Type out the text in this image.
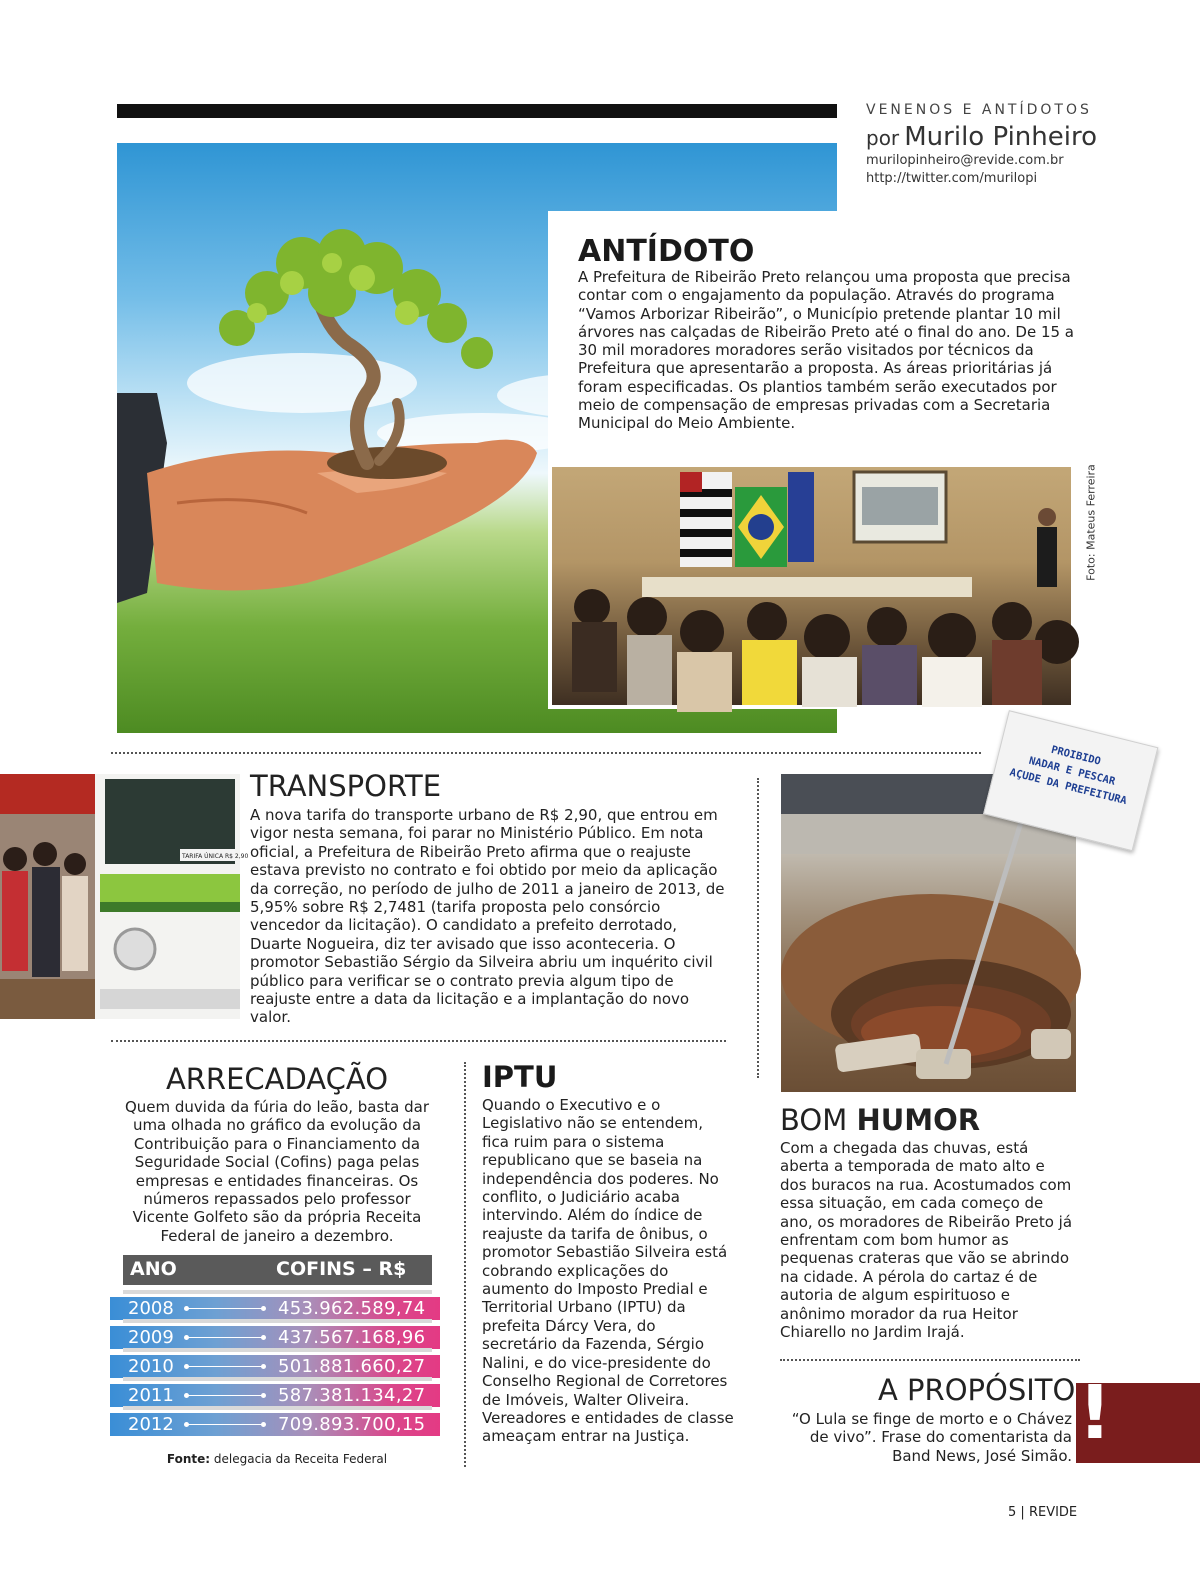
VENENOS E ANTÍDOTOS
por Murilo Pinheiro
murilopinheiro@revide.com.br
http://twitter.com/murilopi
ANTÍDOTO
A Prefeitura de Ribeirão Preto relançou uma proposta que precisa contar com o engajamento da população. Através do programa “Vamos Arborizar Ribeirão”, o Município pretende plantar 10 mil árvores nas calçadas de Ribeirão Preto até o final do ano. De 15 a 30 mil moradores moradores serão visitados por técnicos da Prefeitura que apresentarão a proposta. As áreas prioritárias já foram especificadas. Os plantios também serão executados por meio de compensação de empresas privadas com a Secretaria Municipal do Meio Ambiente.
Foto: Mateus Ferreira
TARIFA ÚNICA R$ 2,90
TRANSPORTE
A nova tarifa do transporte urbano de R$ 2,90, que entrou em vigor nesta semana, foi parar no Ministério Público. Em nota oficial, a Prefeitura de Ribeirão Preto afirma que o reajuste estava previsto no contrato e foi obtido por meio da aplicação da correção, no período de julho de 2011 a janeiro de 2013, de 5,95% sobre R$ 2,7481 (tarifa proposta pelo consórcio vencedor da licitação). O candidato a prefeito derrotado, Duarte Nogueira, diz ter avisado que isso aconteceria. O promotor Sebastião Sérgio da Silveira abriu um inquérito civil público para verificar se o contrato previa algum tipo de reajuste entre a data da licitação e a implantação do novo valor.
PROIBIDO
NADAR E PESCAR
AÇUDE DA PREFEITURA
BOM HUMOR
Com a chegada das chuvas, está aberta a temporada de mato alto e dos buracos na rua. Acostumados com essa situação, em cada começo de ano, os moradores de Ribeirão Preto já enfrentam com bom humor as pequenas crateras que vão se abrindo na cidade. A pérola do cartaz é de autoria de algum espirituoso e anônimo morador da rua Heitor Chiarello no Jardim Irajá.
A PROPÓSITO
“O Lula se finge de morto e o Chávez de vivo”. Frase do comentarista da Band News, José Simão. !
ARRECADAÇÃO
Quem duvida da fúria do leão, basta dar uma olhada no gráfico da evolução da Contribuição para o Financiamento da Seguridade Social (Cofins) paga pelas empresas e entidades financeiras. Os números repassados pelo professor Vicente Golfeto são da própria Receita Federal de janeiro a dezembro.
ANO	COFINS – R$
2008	453.962.589,74
2009	437.567.168,96
2010	501.881.660,27
2011	587.381.134,27
2012	709.893.700,15
Fonte: delegacia da Receita Federal
IPTU
Quando o Executivo e o Legislativo não se entendem, fica ruim para o sistema republicano que se baseia na independência dos poderes. No conflito, o Judiciário acaba intervindo. Além do índice de reajuste da tarifa de ônibus, o promotor Sebastião Silveira está cobrando explicações do aumento do Imposto Predial e Territorial Urbano (IPTU) da prefeita Dárcy Vera, do secretário da Fazenda, Sérgio Nalini, e do vice-presidente do Conselho Regional de Corretores de Imóveis, Walter Oliveira. Vereadores e entidades de classe ameaçam entrar na Justiça.
5 | REVIDE
